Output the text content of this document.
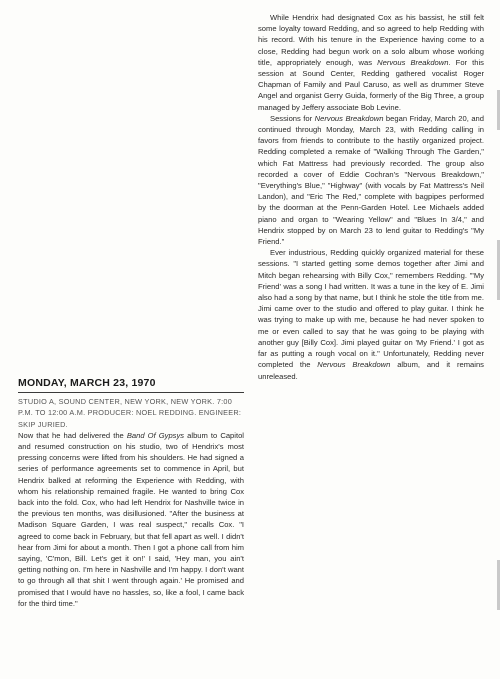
While Hendrix had designated Cox as his bassist, he still felt some loyalty toward Redding, and so agreed to help Redding with his record. With his tenure in the Experience having come to a close, Redding had begun work on a solo album whose working title, appropriately enough, was Nervous Breakdown. For this session at Sound Center, Redding gathered vocalist Roger Chapman of Family and Paul Caruso, as well as drummer Steve Angel and organist Gerry Guida, formerly of the Big Three, a group managed by Jeffery associate Bob Levine.

Sessions for Nervous Breakdown began Friday, March 20, and continued through Monday, March 23, with Redding calling in favors from friends to contribute to the hastily organized project. Redding completed a remake of "Walking Through The Garden," which Fat Mattress had previously recorded. The group also recorded a cover of Eddie Cochran's "Nervous Breakdown," "Everything's Blue," "Highway" (with vocals by Fat Mattress's Neil Landon), and "Eric The Red," complete with bagpipes performed by the doorman at the Penn-Garden Hotel. Lee Michaels added piano and organ to "Wearing Yellow" and "Blues In 3/4," and Hendrix stopped by on March 23 to lend guitar to Redding's "My Friend."

Ever industrious, Redding quickly organized material for these sessions. "I started getting some demos together after Jimi and Mitch began rehearsing with Billy Cox," remembers Redding. "'My Friend' was a song I had written. It was a tune in the key of E. Jimi also had a song by that name, but I think he stole the title from me. Jimi came over to the studio and offered to play guitar. I think he was trying to make up with me, because he had never spoken to me or even called to say that he was going to be playing with another guy [Billy Cox]. Jimi played guitar on 'My Friend.' I got as far as putting a rough vocal on it." Unfortunately, Redding never completed the Nervous Breakdown album, and it remains unreleased.

MONDAY, MARCH 23, 1970
STUDIO A, SOUND CENTER, NEW YORK, NEW YORK. 7:00 P.M. TO 12:00 A.M. PRODUCER: NOEL REDDING. ENGINEER: SKIP JURIED.

Now that he had delivered the Band Of Gypsys album to Capitol and resumed construction on his studio, two of Hendrix's most pressing concerns were lifted from his shoulders. He had signed a series of performance agreements set to commence in April, but Hendrix balked at reforming the Experience with Redding, with whom his relationship remained fragile. He wanted to bring Cox back into the fold. Cox, who had left Hendrix for Nashville twice in the previous ten months, was disillusioned. "After the business at Madison Square Garden, I was real suspect," recalls Cox. "I agreed to come back in February, but that fell apart as well. I didn't hear from Jimi for about a month. Then I got a phone call from him saying, 'C'mon, Bill. Let's get it on!' I said, 'Hey man, you ain't getting nothing on. I'm here in Nashville and I'm happy. I don't want to go through all that shit I went through again.' He promised and promised that I would have no hassles, so, like a fool, I came back for the third time."
